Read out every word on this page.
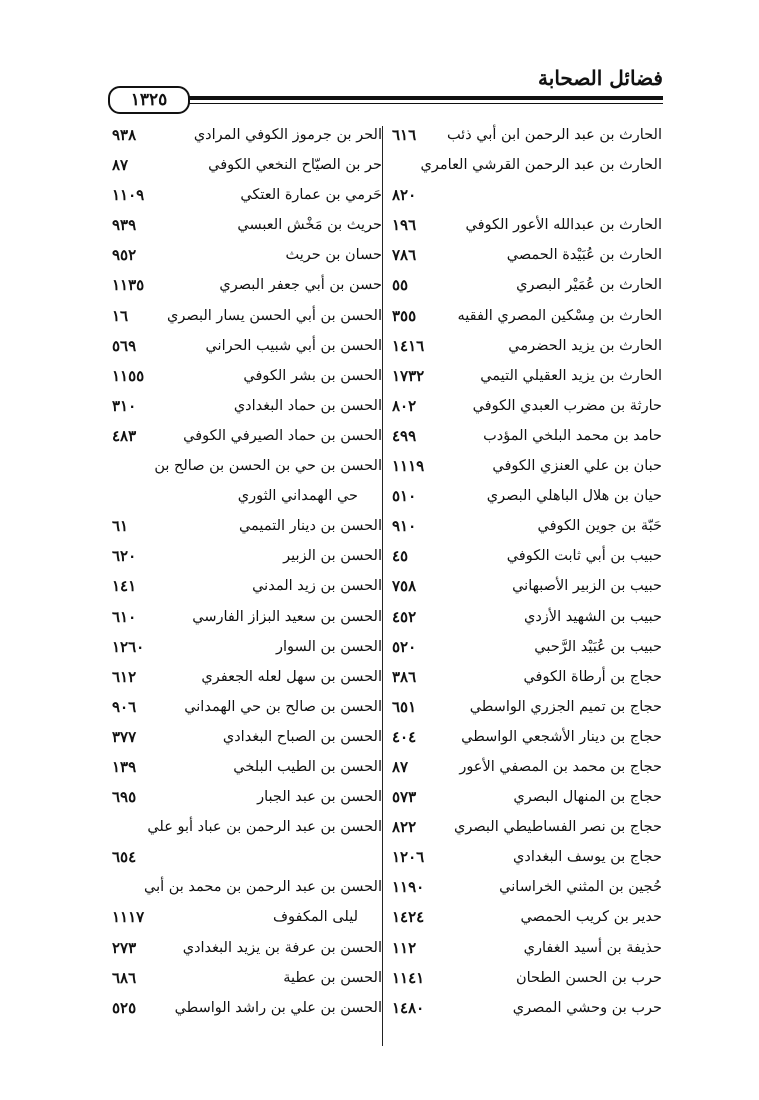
فضائل الصحابة
١٣٢٥
الحارث بن عبد الرحمن ابن أبي ذئب
٦١٦
الحارث بن عبد الرحمن القرشي العامري
٨٢٠
الحارث بن عبدالله الأعور الكوفي
١٩٦
الحارث بن عُبَيْدة الحمصي
٧٨٦
الحارث بن عُمَيْر البصري
٥٥
الحارث بن مِسْكين المصري الفقيه
٣٥٥
الحارث بن يزيد الحضرمي
١٤١٦
الحارث بن يزيد العقيلي التيمي
١٧٣٢
حارثة بن مضرب العبدي الكوفي
٨٠٢
حامد بن محمد البلخي المؤدب
٤٩٩
حبان بن علي العنزي الكوفي
١١١٩
حيان بن هلال الباهلي البصري
٥١٠
حَبّة بن جوين الكوفي
٩١٠
حبيب بن أبي ثابت الكوفي
٤٥
حبيب بن الزبير الأصبهاني
٧٥٨
حبيب بن الشهيد الأزدي
٤٥٢
حبيب بن عُبَيْد الرَّحبي
٥٢٠
حجاج بن أرطاة الكوفي
٣٨٦
حجاج بن تميم الجزري الواسطي
٦٥١
حجاج بن دينار الأشجعي الواسطي
٤٠٤
حجاج بن محمد بن المصفي الأعور
٨٧
حجاج بن المنهال البصري
٥٧٣
حجاج بن نصر الفساطيطي البصري
٨٢٢
حجاج بن يوسف البغدادي
١٢٠٦
حُجين بن المثني الخراساني
١١٩٠
حدير بن كريب الحمصي
١٤٢٤
حذيفة بن أسيد الغفاري
١١٢
حرب بن الحسن الطحان
١١٤١
حرب بن وحشي المصري
١٤٨٠
الحر بن جرموز الكوفي المرادي
٩٣٨
حر بن الصيّاح النخعي الكوفي
٨٧
حَرمي بن عمارة العتكي
١١٠٩
حريث بن مَخْش العبسي
٩٣٩
حسان بن حريث
٩٥٢
حسن بن أبي جعفر البصري
١١٣٥
الحسن بن أبي الحسن يسار البصري
١٦
الحسن بن أبي شبيب الحراني
٥٦٩
الحسن بن بشر الكوفي
١١٥٥
الحسن بن حماد البغدادي
٣١٠
الحسن بن حماد الصيرفي الكوفي
٤٨٣
الحسن بن حي بن الحسن بن صالح بن
حي الهمداني الثوري
الحسن بن دينار التميمي
٦١
الحسن بن الزبير
٦٢٠
الحسن بن زيد المدني
١٤١
الحسن بن سعيد البزاز الفارسي
٦١٠
الحسن بن السوار
١٢٦٠
الحسن بن سهل لعله الجعفري
٦١٢
الحسن بن صالح بن حي الهمداني
٩٠٦
الحسن بن الصباح البغدادي
٣٧٧
الحسن بن الطيب البلخي
١٣٩
الحسن بن عبد الجبار
٦٩٥
الحسن بن عبد الرحمن بن عباد أبو علي
٦٥٤
الحسن بن عبد الرحمن بن محمد بن أبي
ليلى المكفوف
١١١٧
الحسن بن عرفة بن يزيد البغدادي
٢٧٣
الحسن بن عطية
٦٨٦
الحسن بن علي بن راشد الواسطي
٥٢٥
